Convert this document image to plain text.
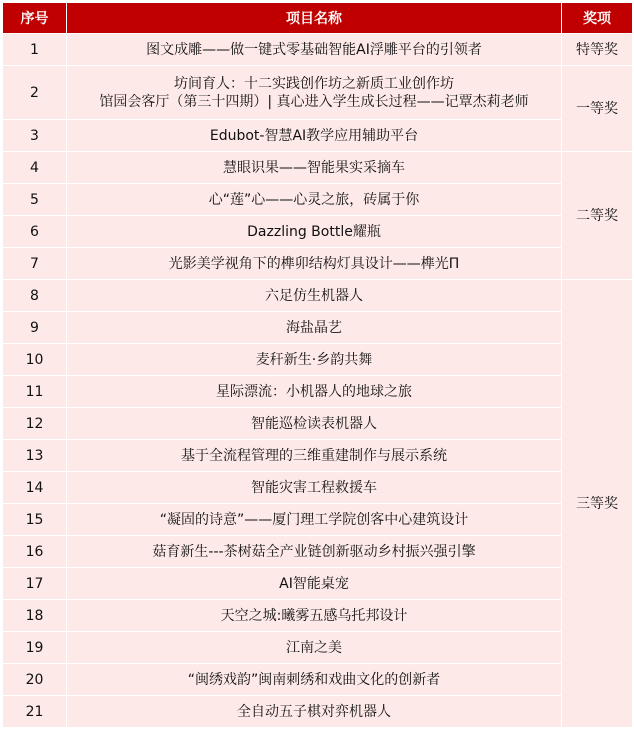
序号	项目名称	奖项
1	图文成雕——做一键式零基础智能AI浮雕平台的引领者	特等奖
2	坊间育人：十二实践创作坊之新质工业创作坊
馆园会客厅（第三十四期）| 真心进入学生成长过程——记覃杰莉老师	一等奖
3	Edubot-智慧AI教学应用辅助平台	
4	慧眼识果——智能果实采摘车	二等奖
5	心“莲”心——心灵之旅，砖属于你	
6	Dazzling Bottle耀瓶	
7	光影美学视角下的榫卯结构灯具设计——榫光Π	
8	六足仿生机器人	三等奖
9	海盐晶艺	
10	麦秆新生·乡韵共舞	
11	星际漂流：小机器人的地球之旅	
12	智能巡检读表机器人	
13	基于全流程管理的三维重建制作与展示系统	
14	智能灾害工程救援车	
15	“凝固的诗意”——厦门理工学院创客中心建筑设计	
16	菇育新生---茶树菇全产业链创新驱动乡村振兴强引擎	
17	AI智能桌宠	
18	天空之城:曦雾五感乌托邦设计	
19	江南之美	
20	“闽绣戏韵”闽南刺绣和戏曲文化的创新者	
21	全自动五子棋对弈机器人	
